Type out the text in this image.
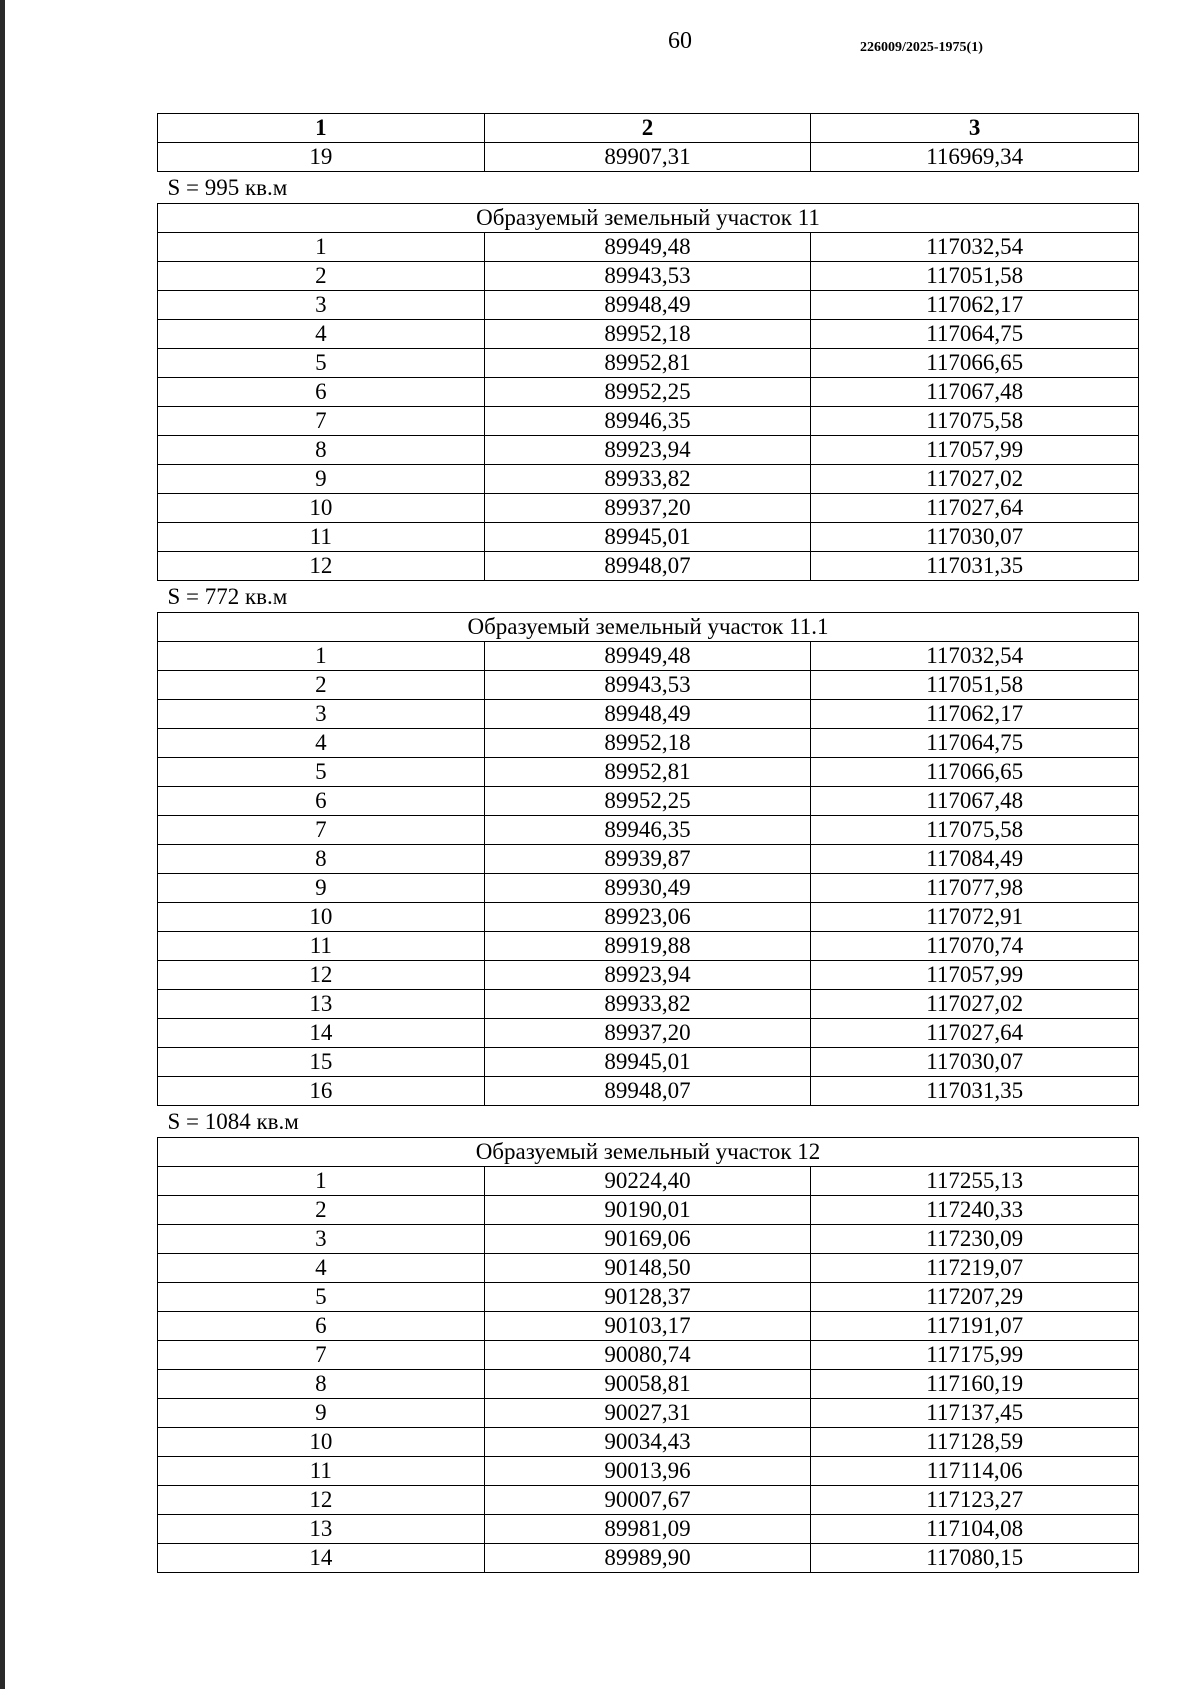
60	226009/2025-1975(1)
1	2	3
19	89907,31	116969,34
S = 995 кв.м		
Образуемый земельный участок 11		
1	89949,48	117032,54
2	89943,53	117051,58
3	89948,49	117062,17
4	89952,18	117064,75
5	89952,81	117066,65
6	89952,25	117067,48
7	89946,35	117075,58
8	89923,94	117057,99
9	89933,82	117027,02
10	89937,20	117027,64
11	89945,01	117030,07
12	89948,07	117031,35
S = 772 кв.м		
Образуемый земельный участок 11.1		
1	89949,48	117032,54
2	89943,53	117051,58
3	89948,49	117062,17
4	89952,18	117064,75
5	89952,81	117066,65
6	89952,25	117067,48
7	89946,35	117075,58
8	89939,87	117084,49
9	89930,49	117077,98
10	89923,06	117072,91
11	89919,88	117070,74
12	89923,94	117057,99
13	89933,82	117027,02
14	89937,20	117027,64
15	89945,01	117030,07
16	89948,07	117031,35
S = 1084 кв.м		
Образуемый земельный участок 12		
1	90224,40	117255,13
2	90190,01	117240,33
3	90169,06	117230,09
4	90148,50	117219,07
5	90128,37	117207,29
6	90103,17	117191,07
7	90080,74	117175,99
8	90058,81	117160,19
9	90027,31	117137,45
10	90034,43	117128,59
11	90013,96	117114,06
12	90007,67	117123,27
13	89981,09	117104,08
14	89989,90	117080,15
